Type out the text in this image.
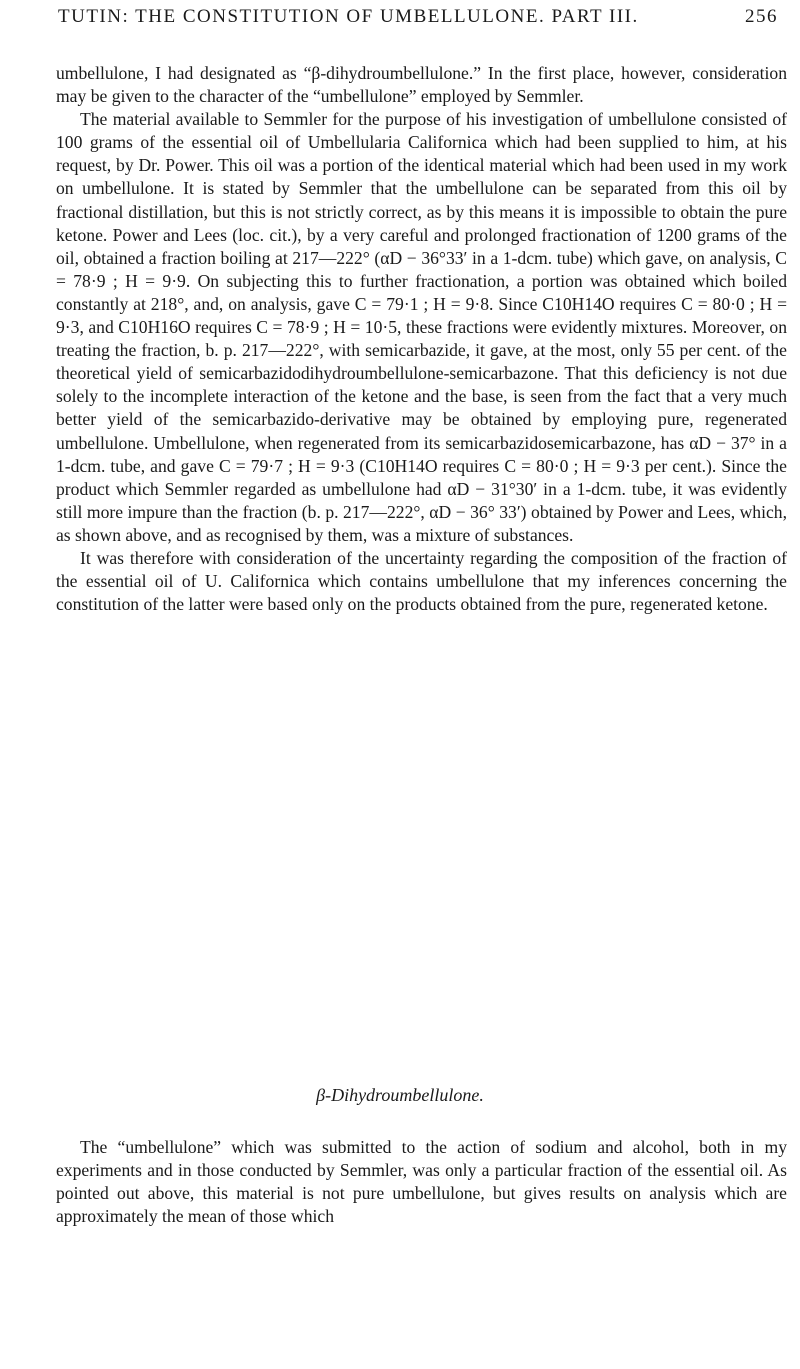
TUTIN: THE CONSTITUTION OF UMBELLULONE. PART III.	256

umbellulone, I had designated as “β-dihydroumbellulone.” In the first place, however, consideration may be given to the character of the “umbellulone” employed by Semmler.

The material available to Semmler for the purpose of his investigation of umbellulone consisted of 100 grams of the essential oil of Umbellularia Californica which had been supplied to him, at his request, by Dr. Power. This oil was a portion of the identical material which had been used in my work on umbellulone. It is stated by Semmler that the umbellulone can be separated from this oil by fractional distillation, but this is not strictly correct, as by this means it is impossible to obtain the pure ketone. Power and Lees (loc. cit.), by a very careful and prolonged fractionation of 1200 grams of the oil, obtained a fraction boiling at 217—222° (αD − 36°33′ in a 1-dcm. tube) which gave, on analysis, C = 78·9 ; H = 9·9. On subjecting this to further fractionation, a portion was obtained which boiled constantly at 218°, and, on analysis, gave C = 79·1 ; H = 9·8. Since C10H14O requires C = 80·0 ; H = 9·3, and C10H16O requires C = 78·9 ; H = 10·5, these fractions were evidently mixtures. Moreover, on treating the fraction, b. p. 217—222°, with semicarbazide, it gave, at the most, only 55 per cent. of the theoretical yield of semicarbazidodihydroumbellulone-semicarbazone. That this deficiency is not due solely to the incomplete interaction of the ketone and the base, is seen from the fact that a very much better yield of the semicarbazido-derivative may be obtained by employing pure, regenerated umbellulone. Umbellulone, when regenerated from its semicarbazidosemicarbazone, has αD − 37° in a 1-dcm. tube, and gave C = 79·7 ; H = 9·3 (C10H14O requires C = 80·0 ; H = 9·3 per cent.). Since the product which Semmler regarded as umbellulone had αD − 31°30′ in a 1-dcm. tube, it was evidently still more impure than the fraction (b. p. 217—222°, αD − 36° 33′) obtained by Power and Lees, which, as shown above, and as recognised by them, was a mixture of substances.

It was therefore with consideration of the uncertainty regarding the composition of the fraction of the essential oil of U. Californica which contains umbellulone that my inferences concerning the constitution of the latter were based only on the products obtained from the pure, regenerated ketone.

β-Dihydroumbellulone.

The “umbellulone” which was submitted to the action of sodium and alcohol, both in my experiments and in those conducted by Semmler, was only a particular fraction of the essential oil. As pointed out above, this material is not pure umbellulone, but gives results on analysis which are approximately the mean of those which
